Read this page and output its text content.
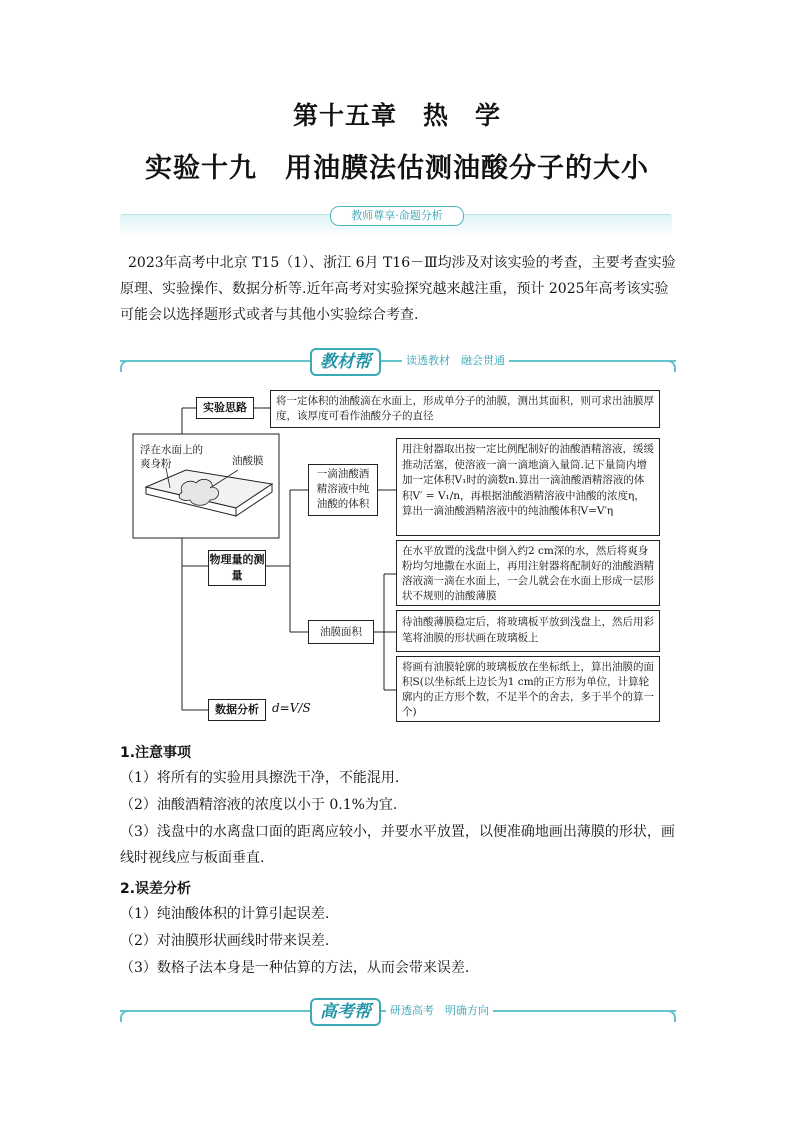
第十五章　热　学
实验十九　用油膜法估测油酸分子的大小
教师尊享·命题分析
2023年高考中北京 T15（1）、浙江 6月 T16－Ⅲ均涉及对该实验的考查，主要考查实验原理、实验操作、数据分析等.近年高考对实验探究越来越注重，预计 2025年高考该实验可能会以选择题形式或者与其他小实验综合考查.
教材帮	读透教材　融会贯通
浮在水面上的爽身粉	油酸膜
实验思路	将一定体积的油酸滴在水面上，形成单分子的油膜，测出其面积，则可求出油膜厚度，该厚度可看作油酸分子的直径
物理量的测量
一滴油酸酒精溶液中纯油酸的体积
用注射器取出按一定比例配制好的油酸酒精溶液，缓缓推动活塞，使溶液一滴一滴地滴入量筒.记下量筒内增加一定体积V₁时的滴数n.算出一滴油酸酒精溶液的体积V′ = V₁/n，再根据油酸酒精溶液中油酸的浓度η，算出一滴油酸酒精溶液中的纯油酸体积V=V′η
油膜面积
在水平放置的浅盘中倒入约2 cm深的水，然后将爽身粉均匀地撒在水面上，再用注射器将配制好的油酸酒精溶液滴一滴在水面上，一会儿就会在水面上形成一层形状不规则的油酸薄膜
待油酸薄膜稳定后，将玻璃板平放到浅盘上，然后用彩笔将油膜的形状画在玻璃板上
将画有油膜轮廓的玻璃板放在坐标纸上，算出油膜的面积S(以坐标纸上边长为1 cm的正方形为单位，计算轮廓内的正方形个数，不足半个的舍去，多于半个的算一个)
数据分析	d=V/S
1.注意事项
（1）将所有的实验用具擦洗干净，不能混用.
（2）油酸酒精溶液的浓度以小于 0.1%为宜.
（3）浅盘中的水离盘口面的距离应较小，并要水平放置，以便准确地画出薄膜的形状，画线时视线应与板面垂直.
2.误差分析
（1）纯油酸体积的计算引起误差.
（2）对油膜形状画线时带来误差.
（3）数格子法本身是一种估算的方法，从而会带来误差.
高考帮	研透高考　明确方向
